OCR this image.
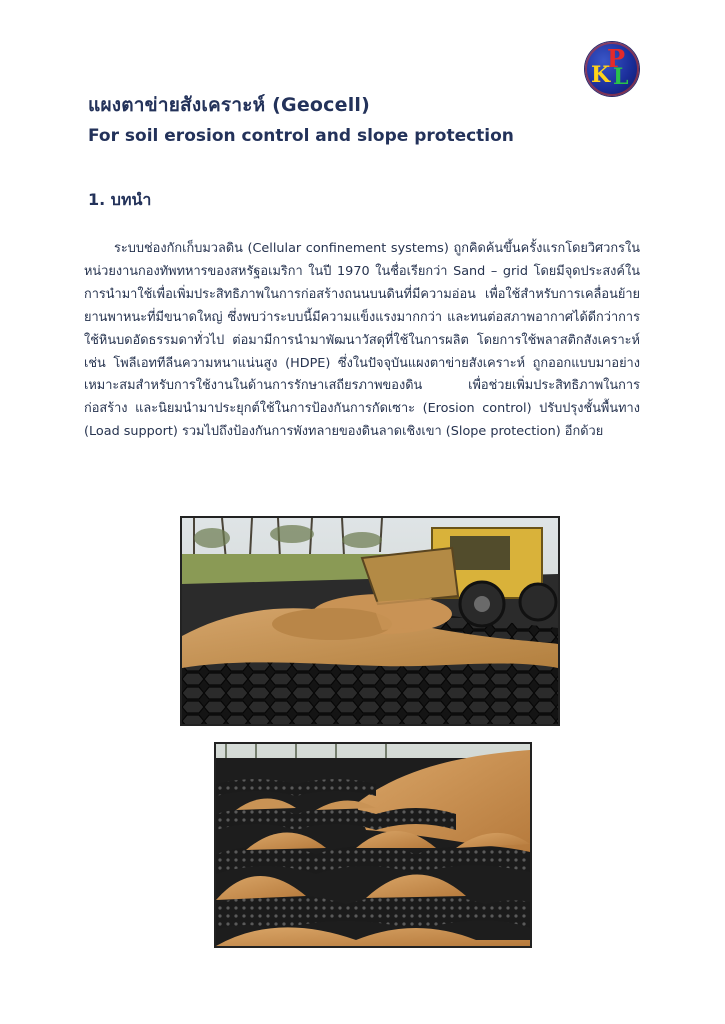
P
K L
แผงตาข่ายสังเคราะห์ (Geocell)
For soil erosion control and slope protection
1. บทนำ

ระบบช่องกักเก็บมวลดิน (Cellular confinement systems) ถูกคิดค้นขึ้นครั้งแรกโดยวิศวกรในหน่วยงานกองทัพทหารของสหรัฐอเมริกา ในปี 1970 ในชื่อเรียกว่า Sand – grid โดยมีจุดประสงค์ในการนำมาใช้เพื่อเพิ่มประสิทธิภาพในการก่อสร้างถนนบนดินที่มีความอ่อน เพื่อใช้สำหรับการเคลื่อนย้ายยานพาหนะที่มีขนาดใหญ่ ซึ่งพบว่าระบบนี้มีความแข็งแรงมากกว่า และทนต่อสภาพอากาศได้ดีกว่าการใช้หินบดอัดธรรมดาทั่วไป ต่อมามีการนำมาพัฒนาวัสดุที่ใช้ในการผลิต โดยการใช้พลาสติกสังเคราะห์ เช่น โพลีเอททีลีนความหนาแน่นสูง (HDPE) ซึ่งในปัจจุบันแผงตาข่ายสังเคราะห์ ถูกออกแบบมาอย่างเหมาะสมสำหรับการใช้งานในด้านการรักษาเสถียรภาพของดิน เพื่อช่วยเพิ่มประสิทธิภาพในการก่อสร้าง และนิยมนำมาประยุกต์ใช้ในการป้องกันการกัดเซาะ (Erosion control) ปรับปรุงชั้นพื้นทาง (Load support) รวมไปถึงป้องกันการพังทลายของดินลาดเชิงเขา (Slope protection) อีกด้วย
